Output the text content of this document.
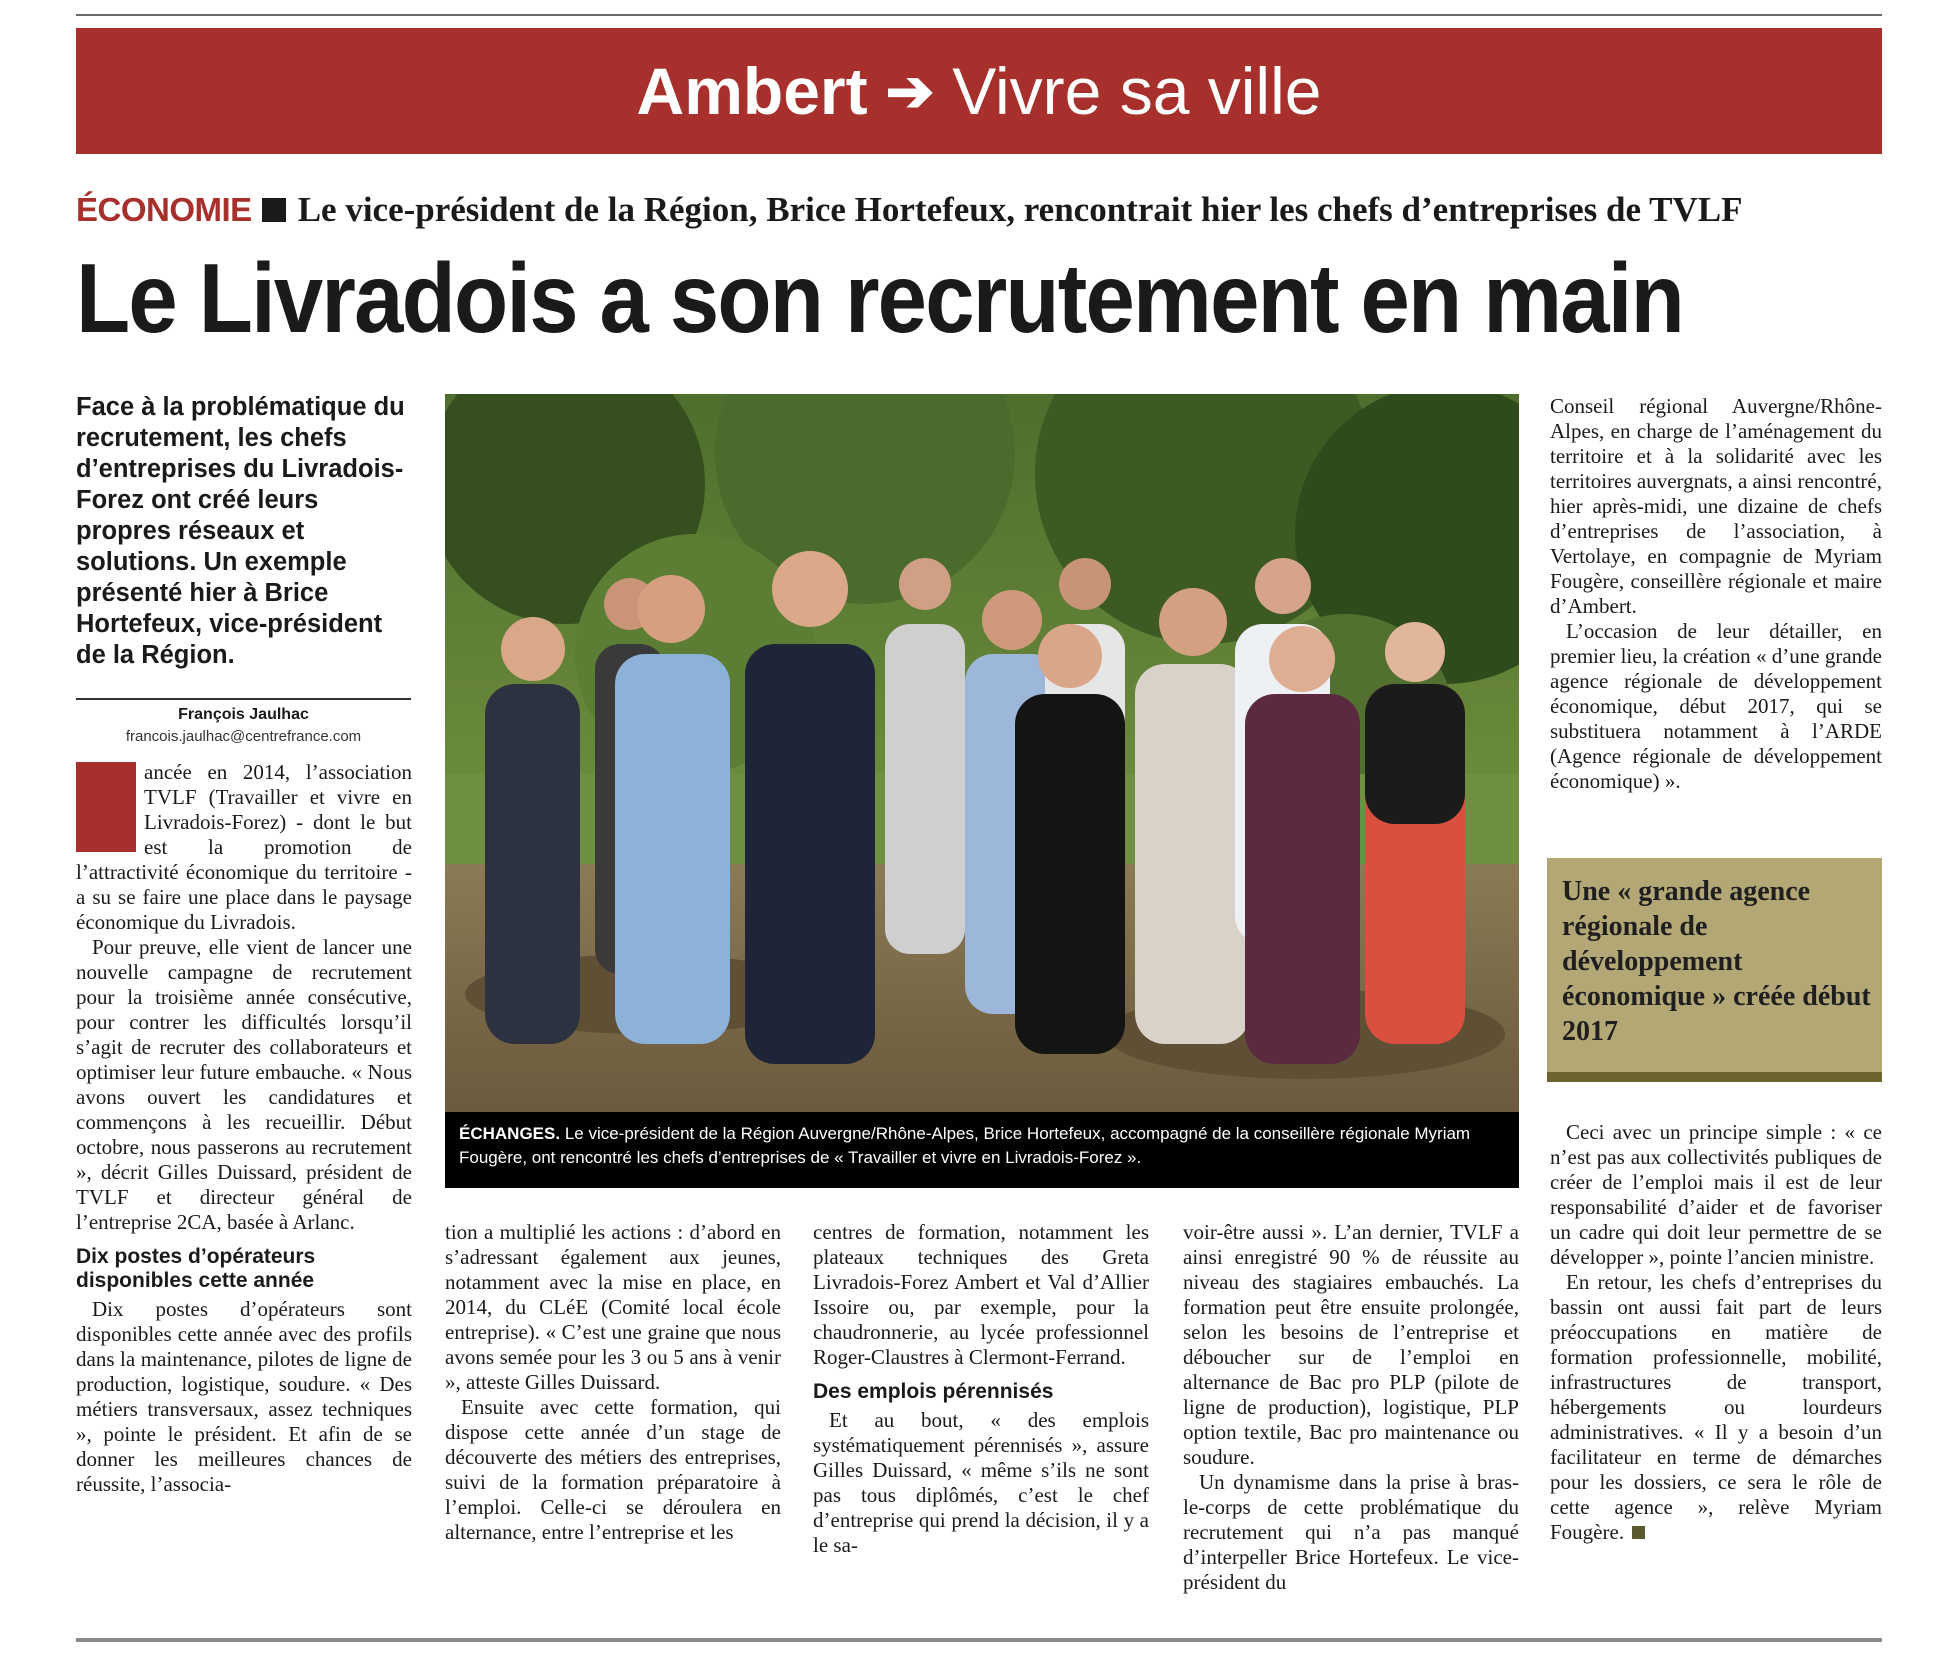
Ambert ➔ Vivre sa ville
ÉCONOMIE Le vice-président de la Région, Brice Hortefeux, rencontrait hier les chefs d’entreprises de TVLF
Le Livradois a son recrutement en main
Face à la problématique du recrutement, les chefs d’entreprises du Livradois-Forez ont créé leurs propres réseaux et solutions. Un exemple présenté hier à Brice Hortefeux, vice-président de la Région.
François Jaulhac
francois.jaulhac@centrefrance.com

ancée en 2014, l’association TVLF (Travailler et vivre en Livradois-Forez) - dont le but est la promotion de l’attractivité économique du territoire - a su se faire une place dans le paysage économique du Livradois.

Pour preuve, elle vient de lancer une nouvelle campagne de recrutement pour la troisième année consécutive, pour contrer les difficultés lorsqu’il s’agit de recruter des collaborateurs et optimiser leur future embauche. « Nous avons ouvert les candidatures et commençons à les recueillir. Début octobre, nous passerons au recrutement », décrit Gilles Duissard, président de TVLF et directeur général de l’entreprise 2CA, basée à Arlanc.

Dix postes d’opérateurs disponibles cette année

Dix postes d’opérateurs sont disponibles cette année avec des profils dans la maintenance, pilotes de ligne de production, logistique, soudure. « Des métiers transversaux, assez techniques », pointe le président. Et afin de se donner les meilleures chances de réussite, l’associa-

ÉCHANGES. Le vice-président de la Région Auvergne/Rhône-Alpes, Brice Hortefeux, accompagné de la conseillère régionale Myriam Fougère, ont rencontré les chefs d’entreprises de « Travailler et vivre en Livradois-Forez ».

tion a multiplié les actions : d’abord en s’adressant également aux jeunes, notamment avec la mise en place, en 2014, du CLéE (Comité local école entreprise). « C’est une graine que nous avons semée pour les 3 ou 5 ans à venir », atteste Gilles Duissard.

Ensuite avec cette formation, qui dispose cette année d’un stage de découverte des métiers des entreprises, suivi de la formation préparatoire à l’emploi. Celle-ci se déroulera en alternance, entre l’entreprise et les

centres de formation, notamment les plateaux techniques des Greta Livradois-Forez Ambert et Val d’Allier Issoire ou, par exemple, pour la chaudronnerie, au lycée professionnel Roger-Claustres à Clermont-Ferrand.

Des emplois pérennisés

Et au bout, « des emplois systématiquement pérennisés », assure Gilles Duissard, « même s’ils ne sont pas tous diplômés, c’est le chef d’entreprise qui prend la décision, il y a le sa-

voir-être aussi ». L’an dernier, TVLF a ainsi enregistré 90 % de réussite au niveau des stagiaires embauchés. La formation peut être ensuite prolongée, selon les besoins de l’entreprise et déboucher sur de l’emploi en alternance de Bac pro PLP (pilote de ligne de production), logistique, PLP option textile, Bac pro maintenance ou soudure.

Un dynamisme dans la prise à bras-le-corps de cette problématique du recrutement qui n’a pas manqué d’interpeller Brice Hortefeux. Le vice-président du

Conseil régional Auvergne/Rhône-Alpes, en charge de l’aménagement du territoire et à la solidarité avec les territoires auvergnats, a ainsi rencontré, hier après-midi, une dizaine de chefs d’entreprises de l’association, à Vertolaye, en compagnie de Myriam Fougère, conseillère régionale et maire d’Ambert.

L’occasion de leur détailler, en premier lieu, la création « d’une grande agence régionale de développement économique, début 2017, qui se substituera notamment à l’ARDE (Agence régionale de développement économique) ».

Une « grande agence régionale de développement économique » créée début 2017

Ceci avec un principe simple : « ce n’est pas aux collectivités publiques de créer de l’emploi mais il est de leur responsabilité d’aider et de favoriser un cadre qui doit leur permettre de se développer », pointe l’ancien ministre.

En retour, les chefs d’entreprises du bassin ont aussi fait part de leurs préoccupations en matière de formation professionnelle, mobilité, infrastructures de transport, hébergements ou lourdeurs administratives. « Il y a besoin d’un facilitateur en terme de démarches pour les dossiers, ce sera le rôle de cette agence », relève Myriam Fougère.
